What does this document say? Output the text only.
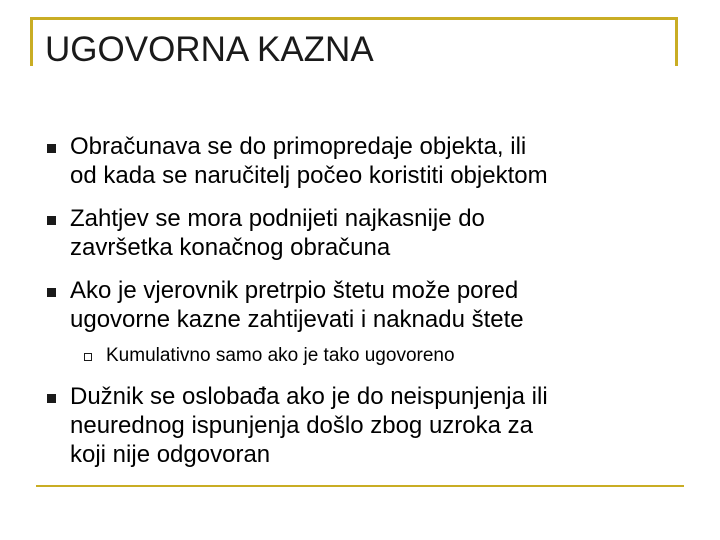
UGOVORNA KAZNA
Obračunava se do primopredaje objekta, ili
od kada se naručitelj počeo koristiti objektom
Zahtjev se mora podnijeti najkasnije do
završetka konačnog obračuna
Ako je vjerovnik pretrpio štetu može pored
ugovorne kazne zahtijevati i naknadu štete
Kumulativno samo ako je tako ugovoreno
Dužnik se oslobađa ako je do neispunjenja ili
neurednog ispunjenja došlo zbog uzroka za
koji nije odgovoran
